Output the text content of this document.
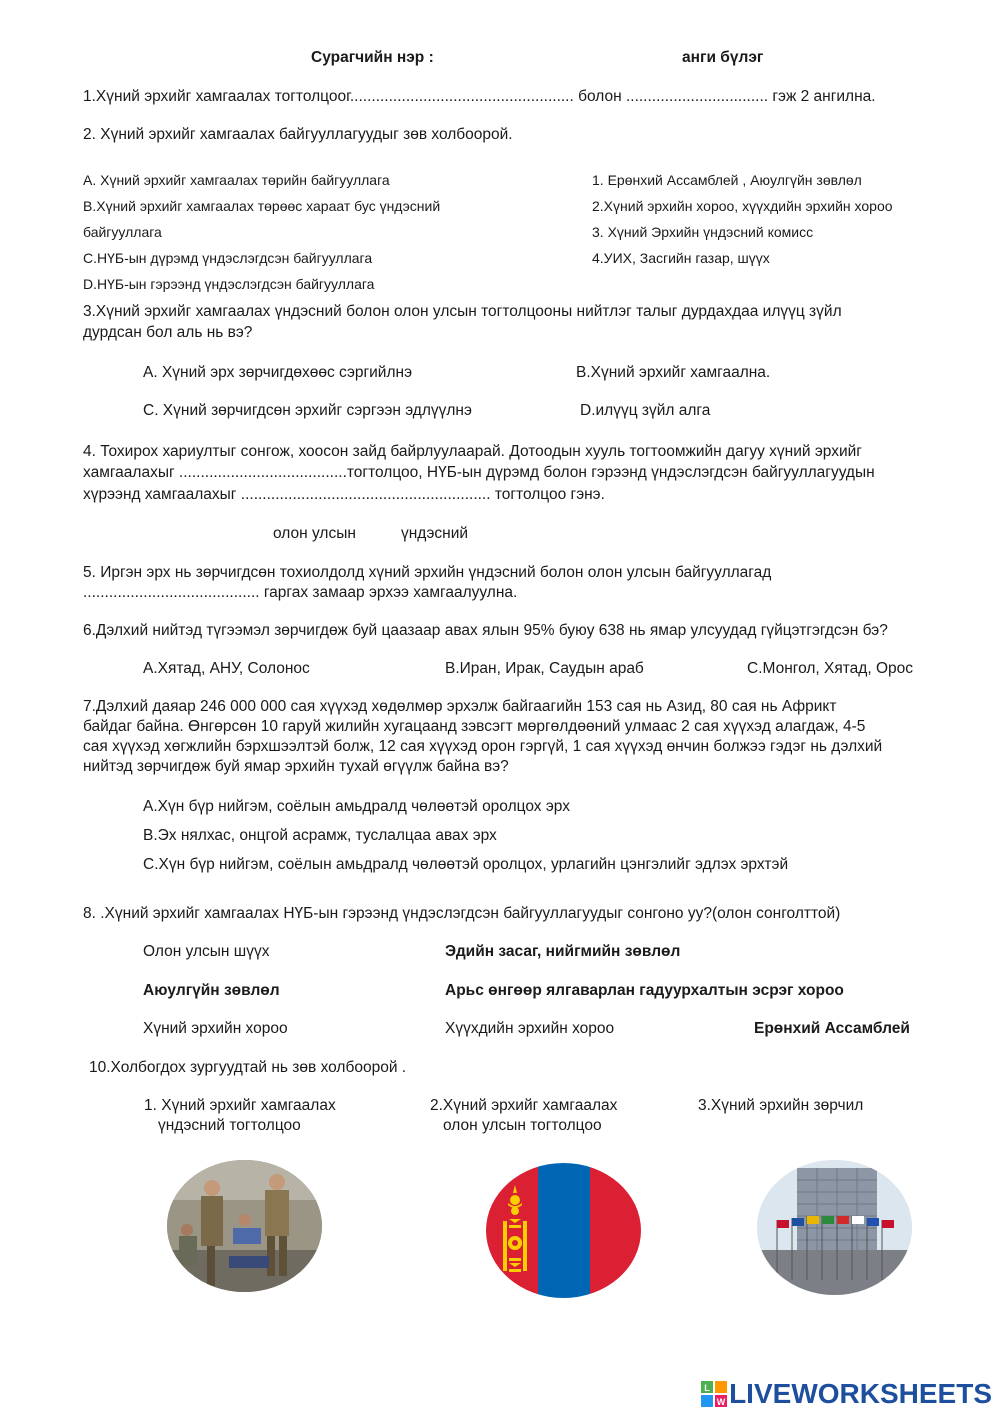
Сурагчийн нэр :	анги бүлэг
1.Хүний эрхийг хамгаалах тогтолцоог.................................................... болон ................................. гэж 2 ангилна.
2. Хүний эрхийг хамгаалах байгууллагуудыг зөв холбоорой.
A. Хүний эрхийг хамгаалах төрийн байгууллага
B.Хүний эрхийг хамгаалах төрөөс хараат бус үндэсний
байгууллага
C.НҮБ-ын дүрэмд үндэслэгдсэн байгууллага
D.НҮБ-ын гэрээнд үндэслэгдсэн байгууллага
1. Ерөнхий Ассамблей , Аюулгүйн зөвлөл
2.Хүний эрхийн хороо, хүүхдийн эрхийн хороо
3. Хүний Эрхийн үндэсний комисс
4.УИХ, Засгийн газар, шүүх
3.Хүний эрхийг хамгаалах үндэсний болон олон улсын тогтолцооны нийтлэг талыг дурдахдаа илүүц зүйл
дурдсан бол аль нь вэ?
A. Хүний эрх зөрчигдөхөөс сэргийлнэ	B.Хүний эрхийг хамгаална.
C. Хүний зөрчигдсөн эрхийг сэргээн эдлүүлнэ	D.илүүц зүйл алга
4. Тохирох хариултыг сонгож, хоосон зайд байрлуулаарай. Дотоодын хууль тогтоомжийн дагуу хүний эрхийг
хамгаалахыг .......................................тогтолцоо, НҮБ-ын дүрэмд болон гэрээнд үндэслэгдсэн байгууллагуудын
хүрээнд хамгаалахыг .......................................................... тогтолцоо гэнэ.
олон улсын	үндэсний
5. Иргэн эрх нь зөрчигдсөн тохиолдолд хүний эрхийн үндэсний болон олон улсын байгууллагад
......................................... гаргах замаар эрхээ хамгаалуулна.
6.Дэлхий нийтэд түгээмэл зөрчигдөж буй цаазаар авах ялын 95% буюу 638 нь ямар улсуудад гүйцэтгэгдсэн бэ?
A.Хятад, АНУ, Солонос	B.Иран, Ирак, Саудын араб	C.Монгол, Хятад, Орос
7.Дэлхий даяар 246 000 000 сая хүүхэд хөдөлмөр эрхэлж байгаагийн 153 сая нь Азид, 80 сая нь Африкт
байдаг байна. Өнгөрсөн 10 гаруй жилийн хугацаанд зэвсэгт мөргөлдөөний улмаас 2 сая хүүхэд алагдаж, 4-5
сая хүүхэд хөгжлийн бэрхшээлтэй болж, 12 сая хүүхэд орон гэргүй, 1 сая хүүхэд өнчин болжээ гэдэг нь дэлхий
нийтэд зөрчигдөж буй ямар эрхийн тухай өгүүлж байна вэ?
A.Хүн бүр нийгэм, соёлын амьдралд чөлөөтэй оролцох эрх
B.Эх нялхас, онцгой асрамж, туслалцаа авах эрх
C.Хүн бүр нийгэм, соёлын амьдралд чөлөөтэй оролцох, урлагийн цэнгэлийг эдлэх эрхтэй
8. .Хүний эрхийг хамгаалах НҮБ-ын гэрээнд үндэслэгдсэн байгууллагуудыг сонгоно уу?(олон сонголттой)
Олон улсын шүүх	Эдийн засаг, нийгмийн зөвлөл
Аюулгүйн зөвлөл	Арьс өнгөөр ялгаварлан гадуурхалтын эсрэг хороо
Хүний эрхийн хороо	Хүүхдийн эрхийн хороо	Ерөнхий Ассамблей
10.Холбогдох зургуудтай нь зөв холбоорой .
1. Хүний эрхийг хамгаалах
үндэсний тогтолцоо
2.Хүний эрхийг хамгаалах
олон улсын тогтолцоо
3.Хүний эрхийн зөрчил
L
W LIVEWORKSHEETS
